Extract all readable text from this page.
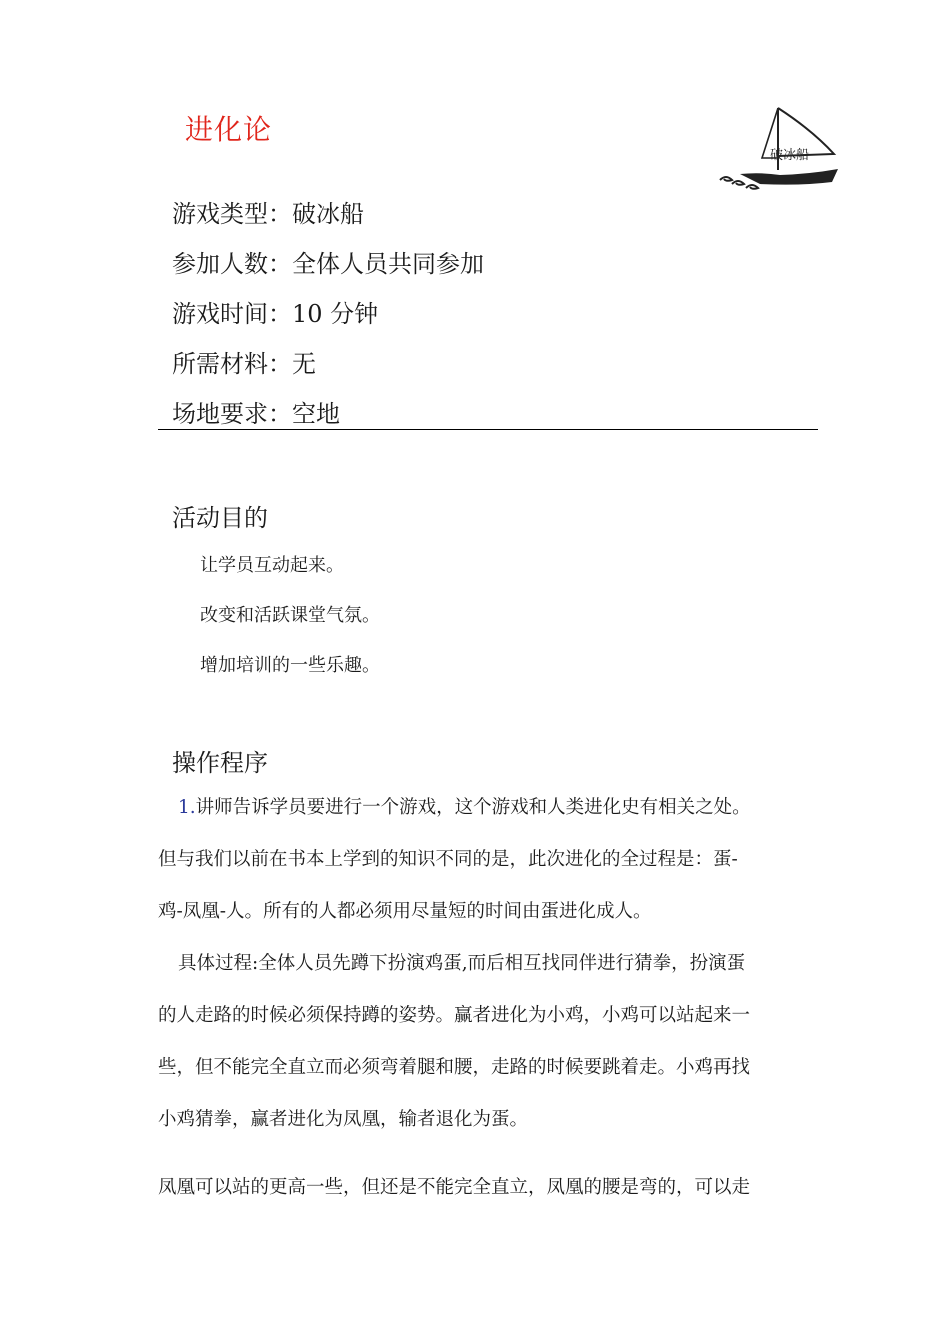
进化论
破冰船
游戏类型：破冰船
参加人数：全体人员共同参加
游戏时间：10 分钟
所需材料：无
场地要求：空地
活动目的
让学员互动起来。
改变和活跃课堂气氛。
增加培训的一些乐趣。
操作程序
1.讲师告诉学员要进行一个游戏，这个游戏和人类进化史有相关之处。
但与我们以前在书本上学到的知识不同的是，此次进化的全过程是：蛋-
鸡-凤凰-人。所有的人都必须用尽量短的时间由蛋进化成人。
具体过程:全体人员先蹲下扮演鸡蛋,而后相互找同伴进行猜拳，扮演蛋
的人走路的时候必须保持蹲的姿势。赢者进化为小鸡，小鸡可以站起来一
些，但不能完全直立而必须弯着腿和腰，走路的时候要跳着走。小鸡再找
小鸡猜拳，赢者进化为凤凰，输者退化为蛋。
凤凰可以站的更高一些，但还是不能完全直立，凤凰的腰是弯的，可以走
